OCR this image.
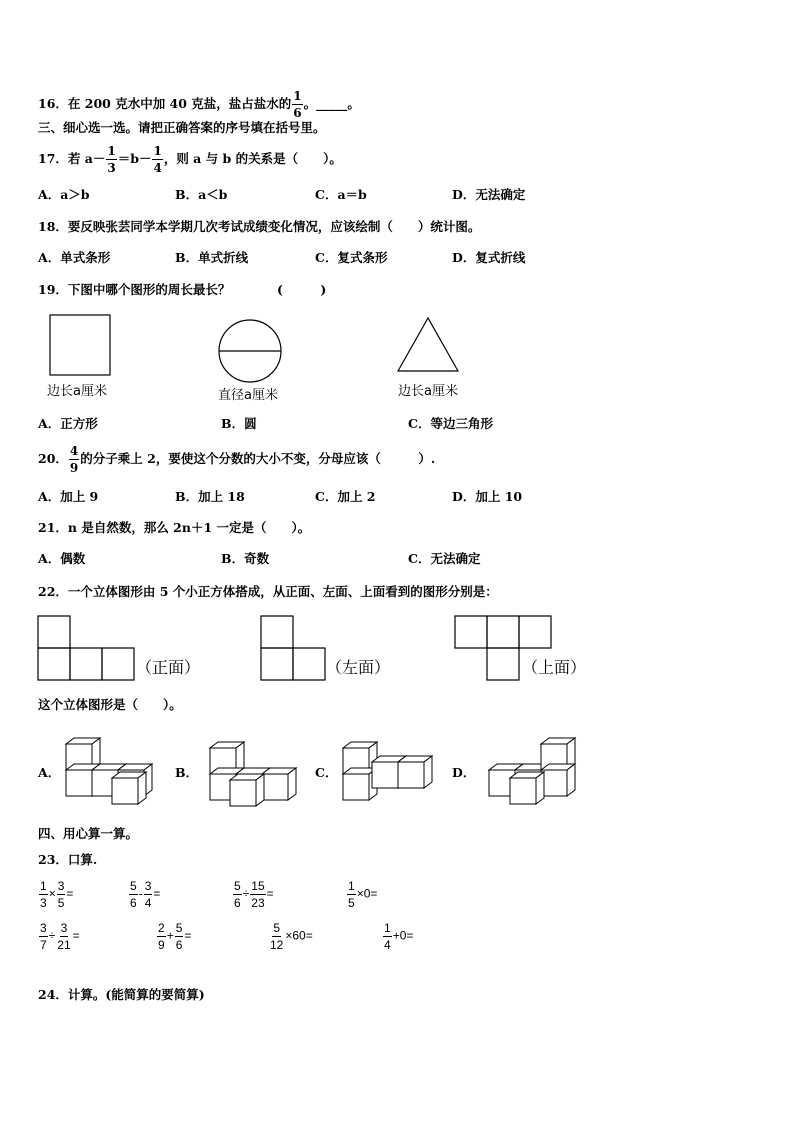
16．在 200 克水中加 40 克盐，盐占盐水的 $\frac{1}{6}$ 。_____。
三、细心选一选。请把正确答案的序号填在括号里。
17．若 $a- \frac{1}{3} =b- \frac{1}{4}$ ，则 a 与 b 的关系是（　　）。
A．a＞b	B．a＜b	C．a＝b	D．无法确定
18．要反映张芸同学本学期几次考试成绩变化情况，应该绘制（　　）统计图。
A．单式条形	B．单式折线	C．复式条形	D．复式折线
19．下图中哪个图形的周长最长？	(　　　)
边长a厘米	直径a厘米	边长a厘米
A．正方形	B．圆	C．等边三角形
20． $\frac{4}{9}$ 的分子乘上 2，要使这个分数的大小不变，分母应该（　　　）.
A．加上 9	B．加上 18	C．加上 2	D．加上 10
21．n 是自然数，那么 2n＋1 一定是（　　）。
A．偶数	B．奇数	C．无法确定
22．一个立体图形由 5 个小正方体搭成，从正面、左面、上面看到的图形分别是：
（正面）	（左面）	（上面）
这个立体图形是（　　）。
A．	B．	C．	D．
四、用心算一算。
23．口算.
$\frac{1}{3} \times \frac{3}{5}$ =	$\frac{5}{6} - \frac{3}{4}$ =	$\frac{5}{6} \div \frac{15}{23}$ =	$\frac{1}{5} \times 0=$
$\frac{3}{7} \div \frac{3}{21}$ =	$\frac{2}{9} + \frac{5}{6}$ =	$\frac{5}{12} \times 60=$	$\frac{1}{4} +0=$
24．计算。(能简算的要简算)
